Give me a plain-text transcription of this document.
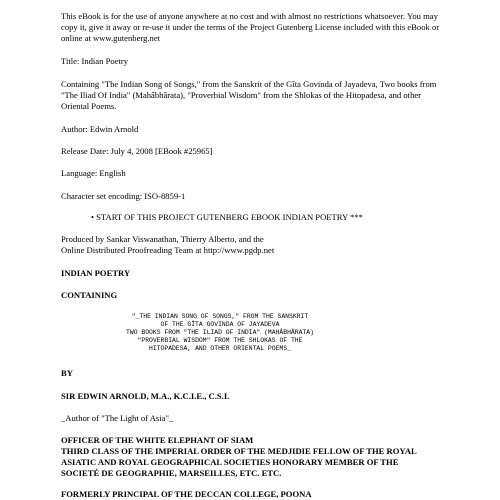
This eBook is for the use of anyone anywhere at no cost and with almost no restrictions whatsoever. You may
copy it, give it away or re-use it under the terms of the Project Gutenberg License included with this eBook or
online at www.gutenberg.net

Title: Indian Poetry

Containing "The Indian Song of Songs," from the Sanskrit of the Gîta Govinda of Jayadeva, Two books from
"The Iliad Of India" (Mahâbhârata), "Proverbial Wisdom" from the Shlokas of the Hitopadesa, and other
Oriental Poems.

Author: Edwin Arnold

Release Date: July 4, 2008 [EBook #25965]

Language: English

Character set encoding: ISO-8859-1

• START OF THIS PROJECT GUTENBERG EBOOK INDIAN POETRY ***

Produced by Sankar Viswanathan, Thierry Alberto, and the
Online Distributed Proofreading Team at http://www.pgdp.net

INDIAN POETRY

CONTAINING

"_THE INDIAN SONG OF SONGS," FROM THE SANSKRIT
OF THE GÎTA GOVINDA OF JAYADEVA
TWO BOOKS FROM "THE ILIAD OF INDIA" (MAHÂBHÂRATA)
"PROVERBIAL WISDOM" FROM THE SHLOKAS OF THE
HITOPADESA, AND OTHER ORIENTAL POEMS_

BY

SIR EDWIN ARNOLD, M.A., K.C.I.E., C.S.I.

_Author of "The Light of Asia"_

OFFICER OF THE WHITE ELEPHANT OF SIAM
THIRD CLASS OF THE IMPERIAL ORDER OF THE MEDJIDIE FELLOW OF THE ROYAL
ASIATIC AND ROYAL GEOGRAPHICAL SOCIETIES HONORARY MEMBER OF THE
SOCIETÉ DE GEOGRAPHIE, MARSEILLES, ETC. ETC.

FORMERLY PRINCIPAL OF THE DECCAN COLLEGE, POONA
